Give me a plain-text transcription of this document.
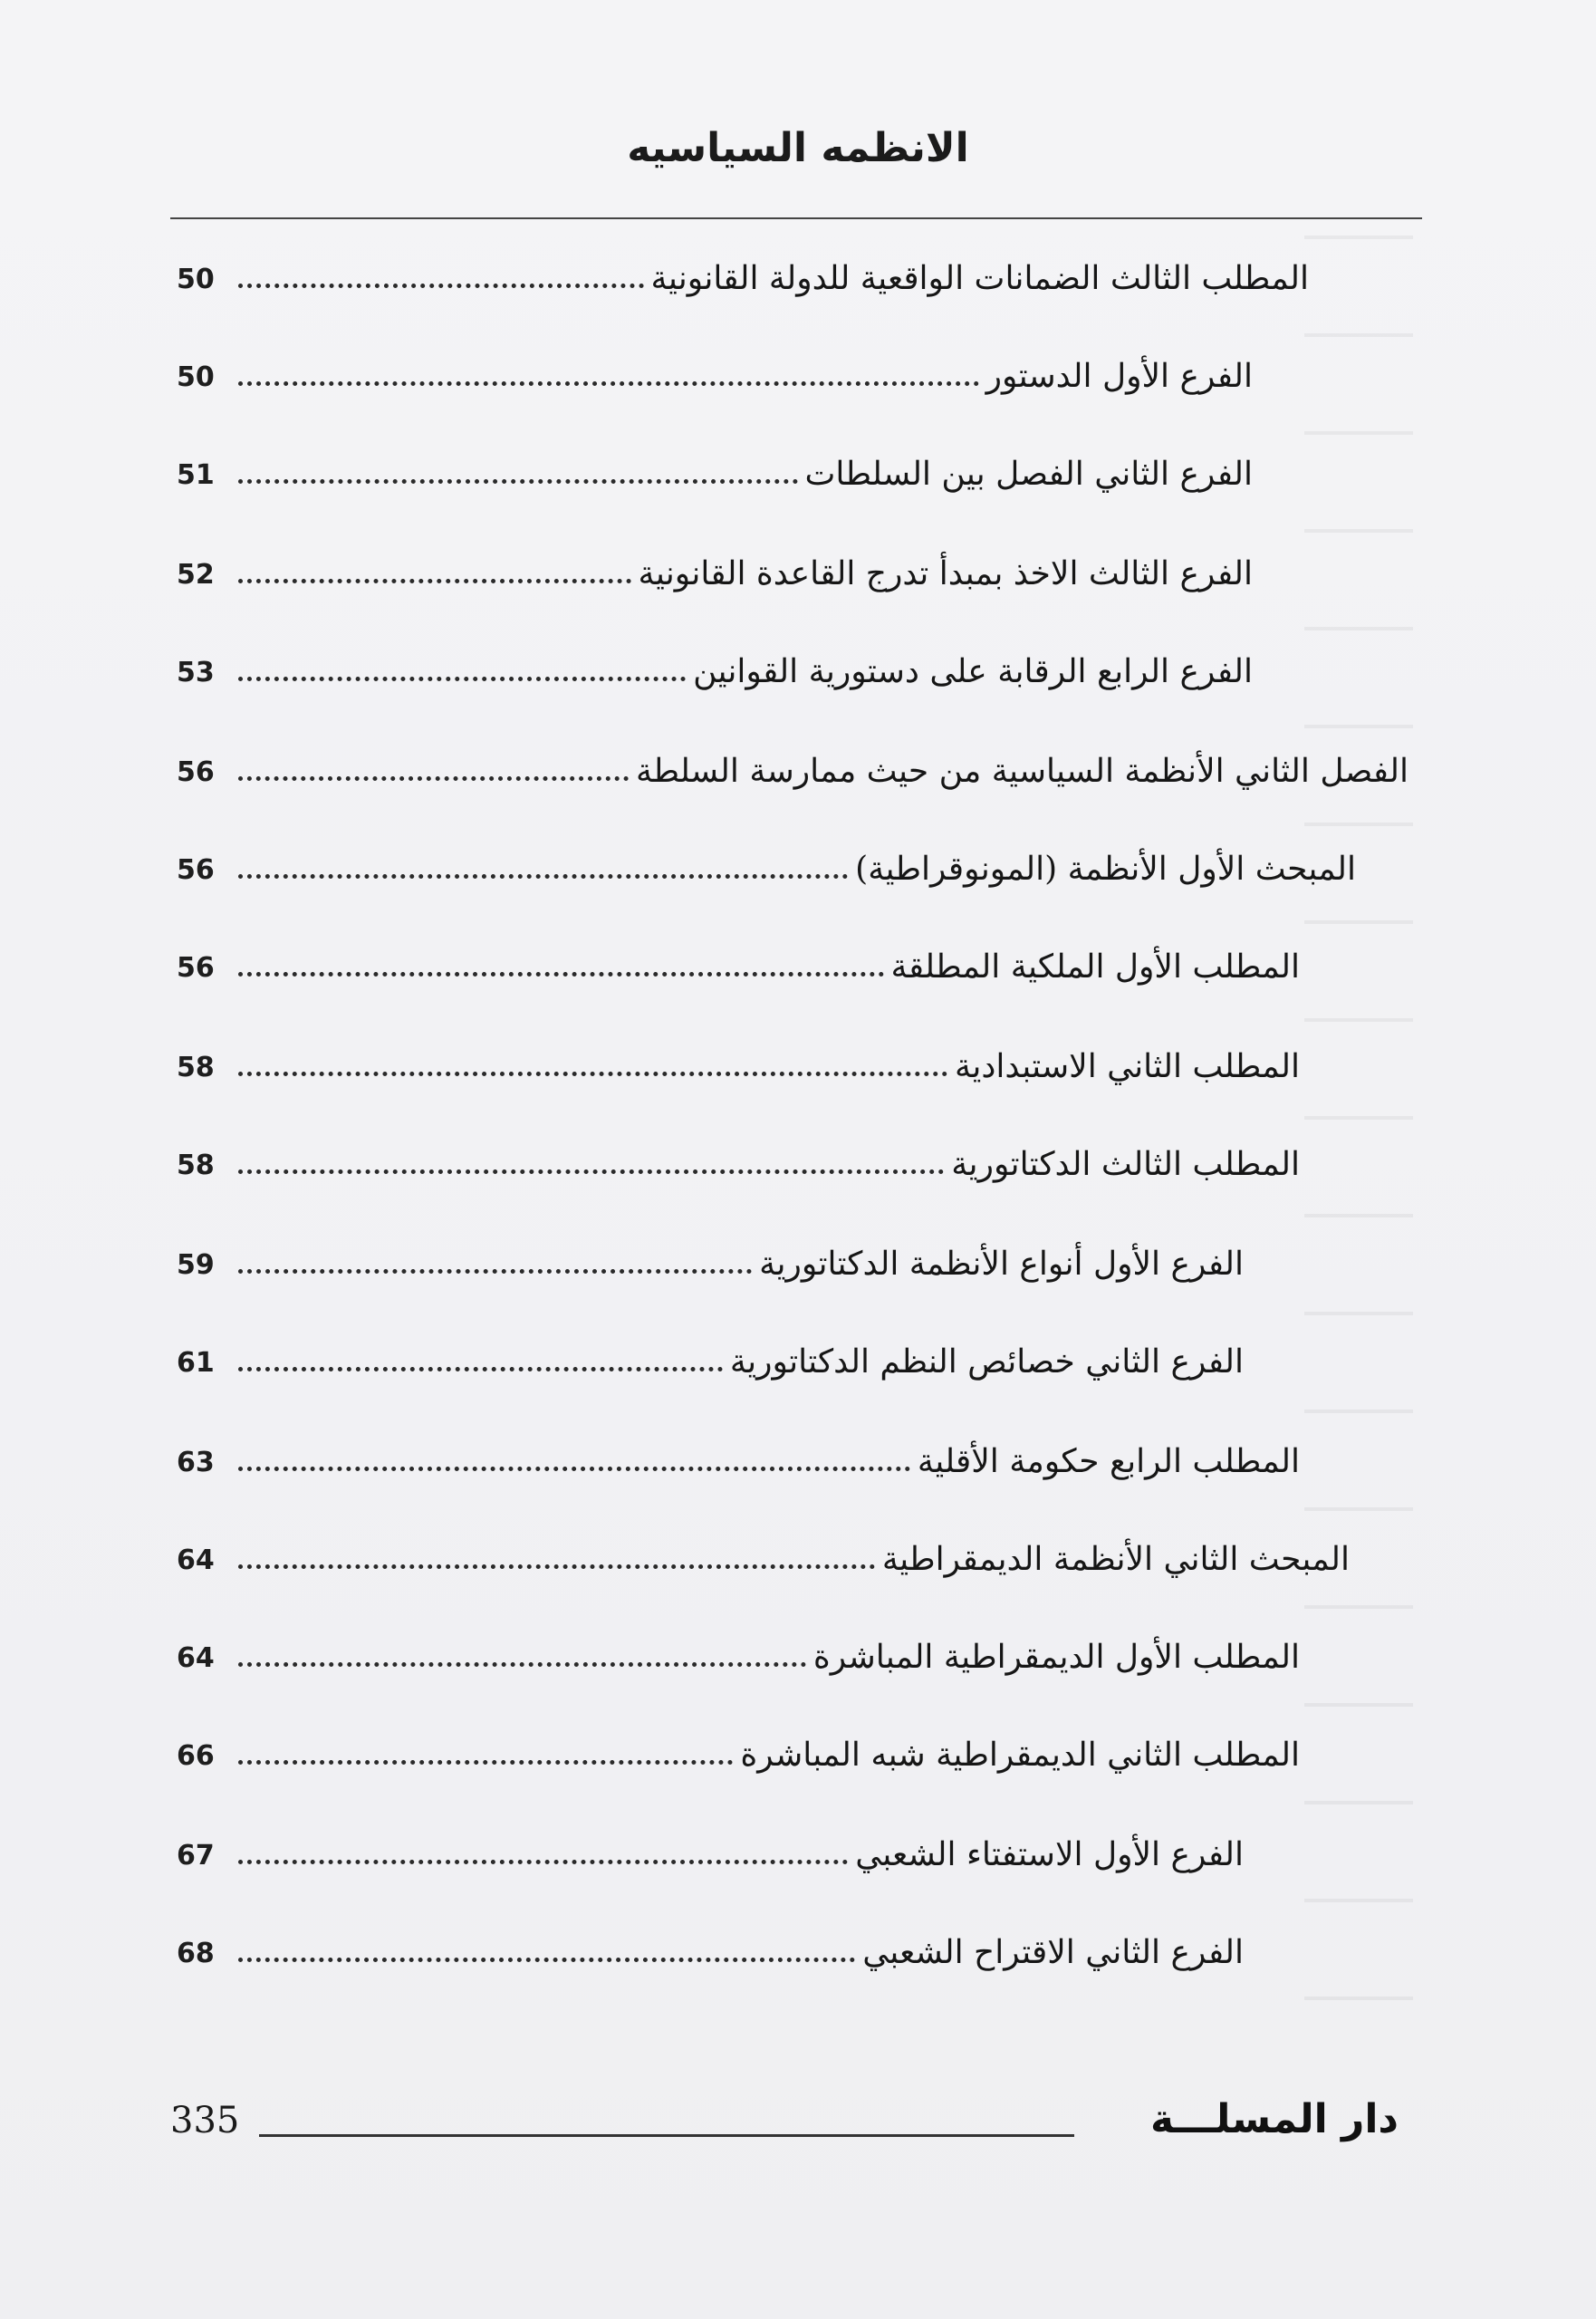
الانظمه السياسيه
50	المطلب الثالث الضمانات الواقعية للدولة القانونية
50	الفرع الأول الدستور
51	الفرع الثاني الفصل بين السلطات
52	الفرع الثالث الاخذ بمبدأ تدرج القاعدة القانونية
53	الفرع الرابع الرقابة على دستورية القوانين
56	الفصل الثاني الأنظمة السياسية من حيث ممارسة السلطة
56	المبحث الأول الأنظمة (المونوقراطية)
56	المطلب الأول الملكية المطلقة
58	المطلب الثاني الاستبدادية
58	المطلب الثالث الدكتاتورية
59	الفرع الأول أنواع الأنظمة الدكتاتورية
61	الفرع الثاني خصائص النظم الدكتاتورية
63	المطلب الرابع حكومة الأقلية
64	المبحث الثاني الأنظمة الديمقراطية
64	المطلب الأول الديمقراطية المباشرة
66	المطلب الثاني الديمقراطية شبه المباشرة
67	الفرع الأول الاستفتاء الشعبي
68	الفرع الثاني الاقتراح الشعبي
335	دار المسلـــة
